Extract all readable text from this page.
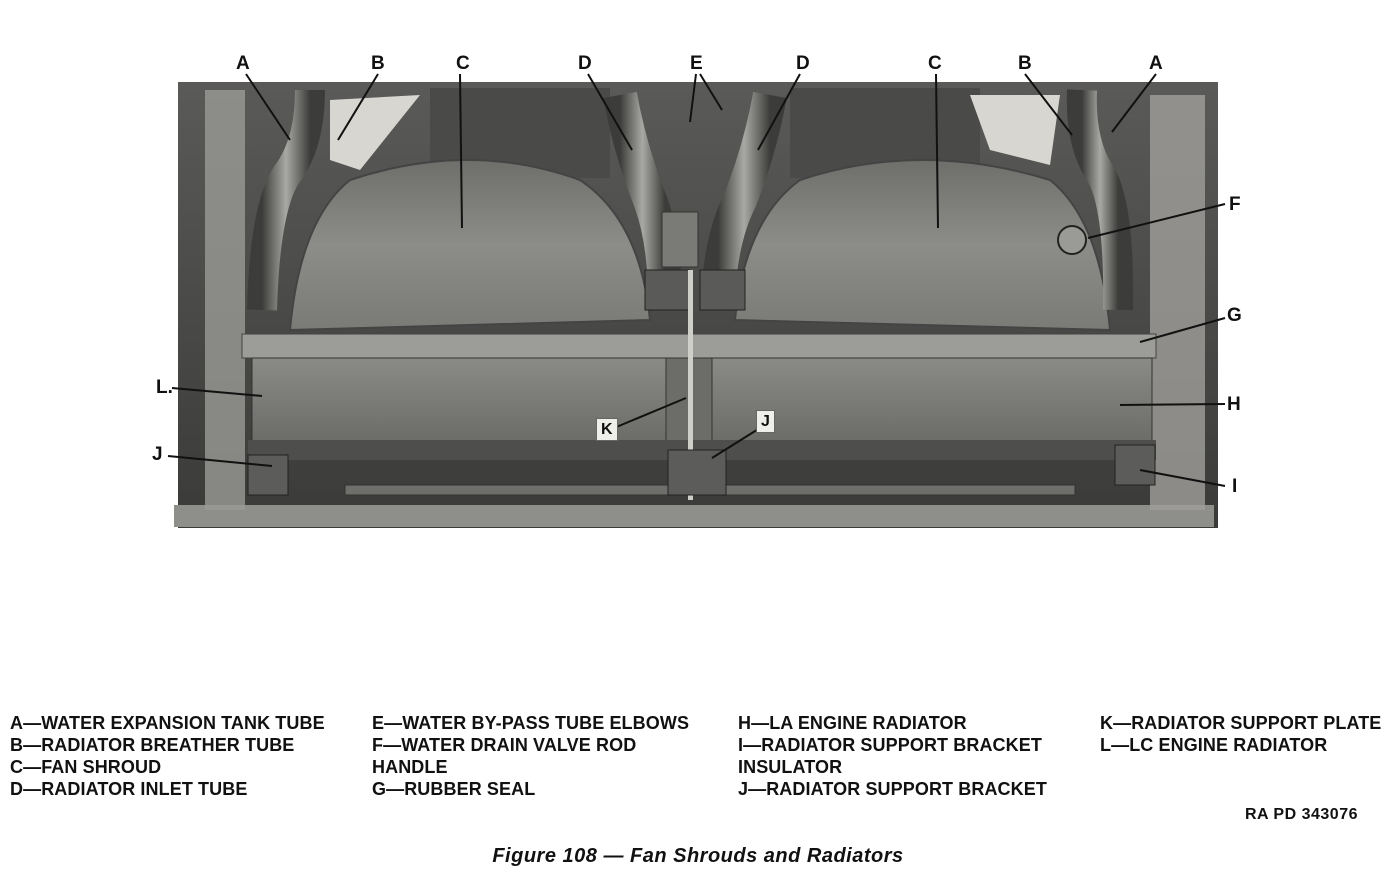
A	B	C	D	E	D	C	B	A
F
G
H
I
L.
J
K	J
A—WATER EXPANSION TANK TUBE
B—RADIATOR BREATHER TUBE
C—FAN SHROUD
D—RADIATOR INLET TUBE
E—WATER BY-PASS TUBE ELBOWS
F—WATER DRAIN VALVE ROD
HANDLE
G—RUBBER SEAL
H—LA ENGINE RADIATOR
I—RADIATOR SUPPORT BRACKET
INSULATOR
J—RADIATOR SUPPORT BRACKET
K—RADIATOR SUPPORT PLATE
L—LC ENGINE RADIATOR
RA PD 343076
Figure 108 — Fan Shrouds and Radiators
